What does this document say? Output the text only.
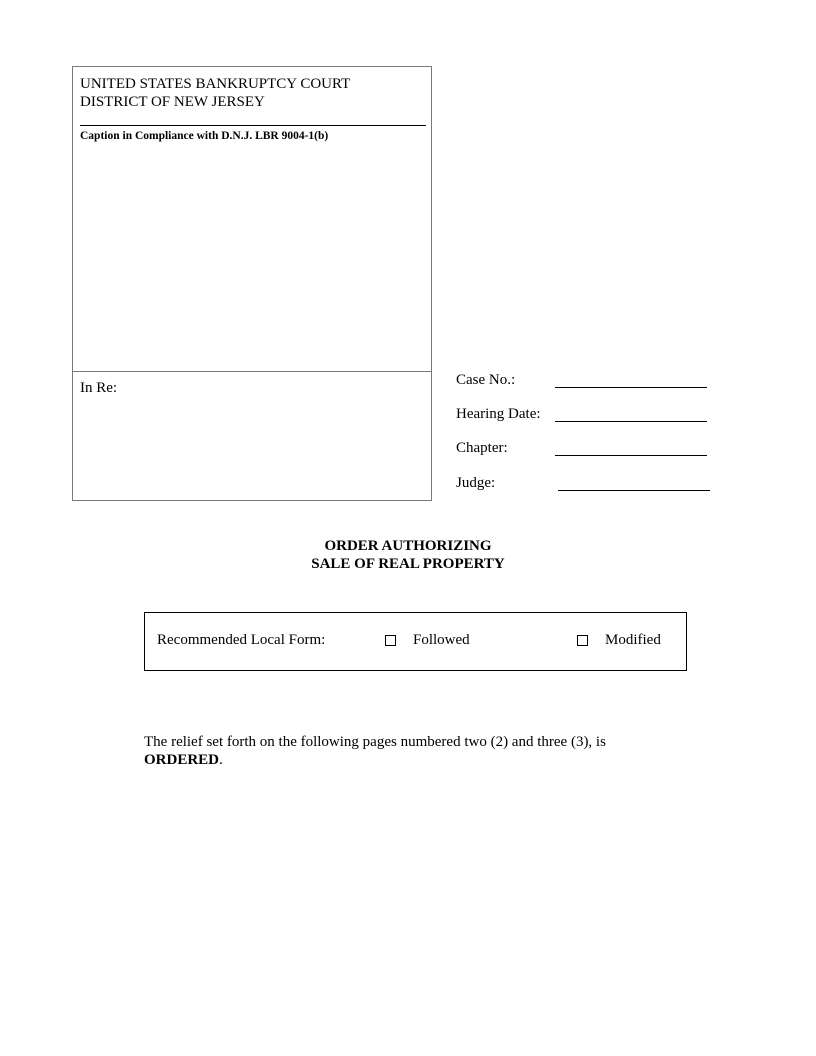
UNITED STATES BANKRUPTCY COURT
DISTRICT OF NEW JERSEY
Caption in Compliance with D.N.J. LBR 9004-1(b)
In Re:	Case No.:
Hearing Date:
Chapter:
Judge:
ORDER AUTHORIZING
SALE OF REAL PROPERTY
Recommended Local Form:	Followed	Modified
The relief set forth on the following pages numbered two (2) and three (3), is
ORDERED.
